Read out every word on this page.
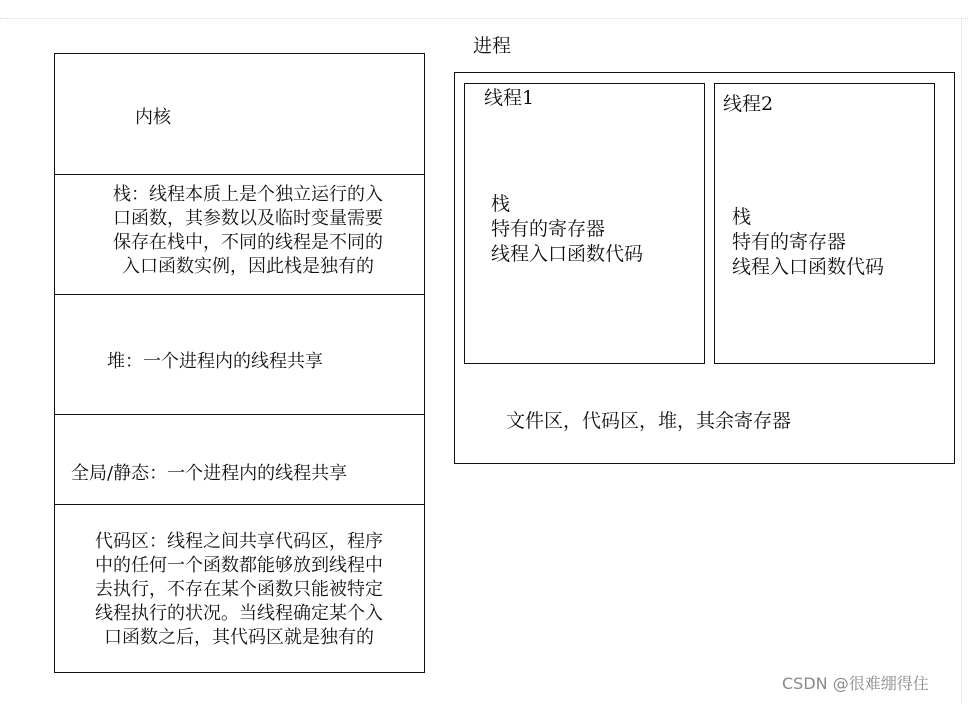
内核
栈：线程本质上是个独立运行的入
口函数，其参数以及临时变量需要
保存在栈中，不同的线程是不同的
入口函数实例，因此栈是独有的
堆：一个进程内的线程共享
全局/静态：一个进程内的线程共享
代码区：线程之间共享代码区，程序
中的任何一个函数都能够放到线程中
去执行，不存在某个函数只能被特定
线程执行的状况。当线程确定某个入
口函数之后，其代码区就是独有的
进程
线程1
栈
特有的寄存器
线程入口函数代码
线程2
栈
特有的寄存器
线程入口函数代码
文件区，代码区，堆，其余寄存器
CSDN @很难绷得住
